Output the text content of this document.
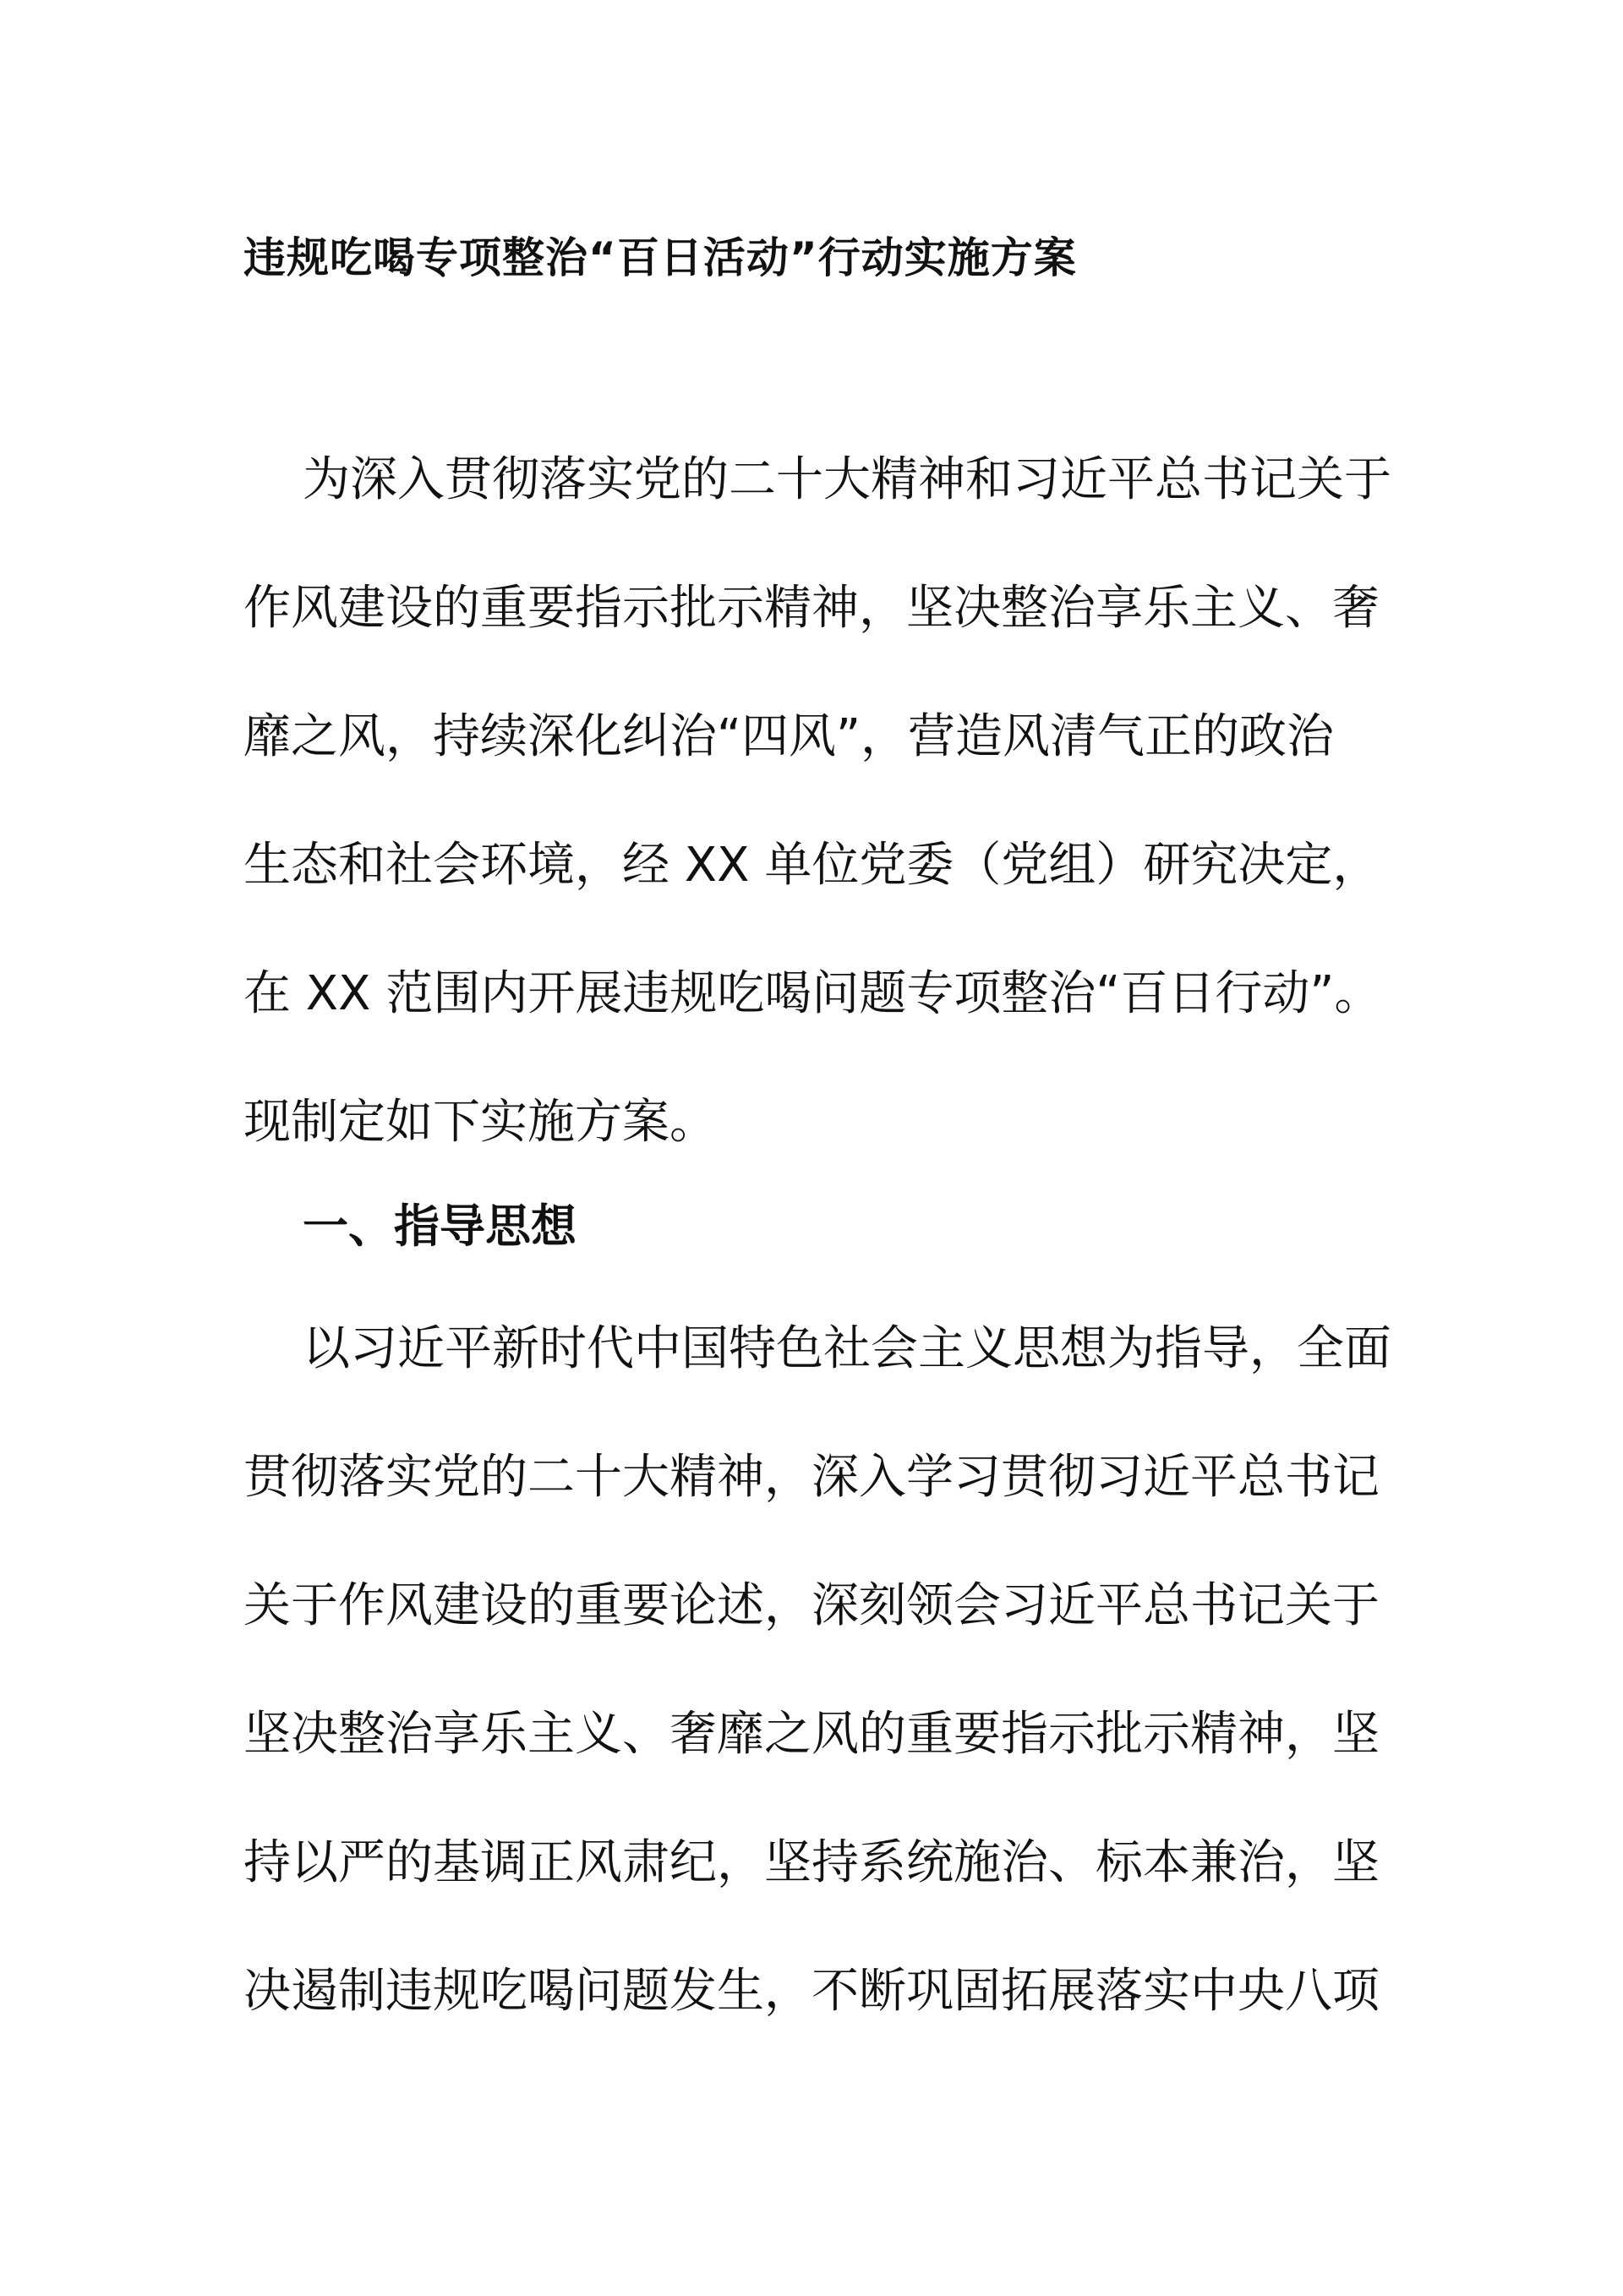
违规吃喝专项整治“百日活动”行动实施方案
为深入贯彻落实党的二十大精神和习近平总书记关于
作风建设的重要指示批示精神，坚决整治享乐主义、奢
靡之风，持续深化纠治“四风”，营造风清气正的政治
生态和社会环境，经 XX 单位党委（党组）研究决定，
在 XX 范围内开展违规吃喝问题专项整治“百日行动”。
现制定如下实施方案。
一、指导思想
以习近平新时代中国特色社会主义思想为指导，全面
贯彻落实党的二十大精神，深入学习贯彻习近平总书记
关于作风建设的重要论述，深刻领会习近平总书记关于
坚决整治享乐主义、奢靡之风的重要指示批示精神，坚
持以严的基调正风肃纪，坚持系统施治、标本兼治，坚
决遏制违规吃喝问题发生，不断巩固拓展落实中央八项
